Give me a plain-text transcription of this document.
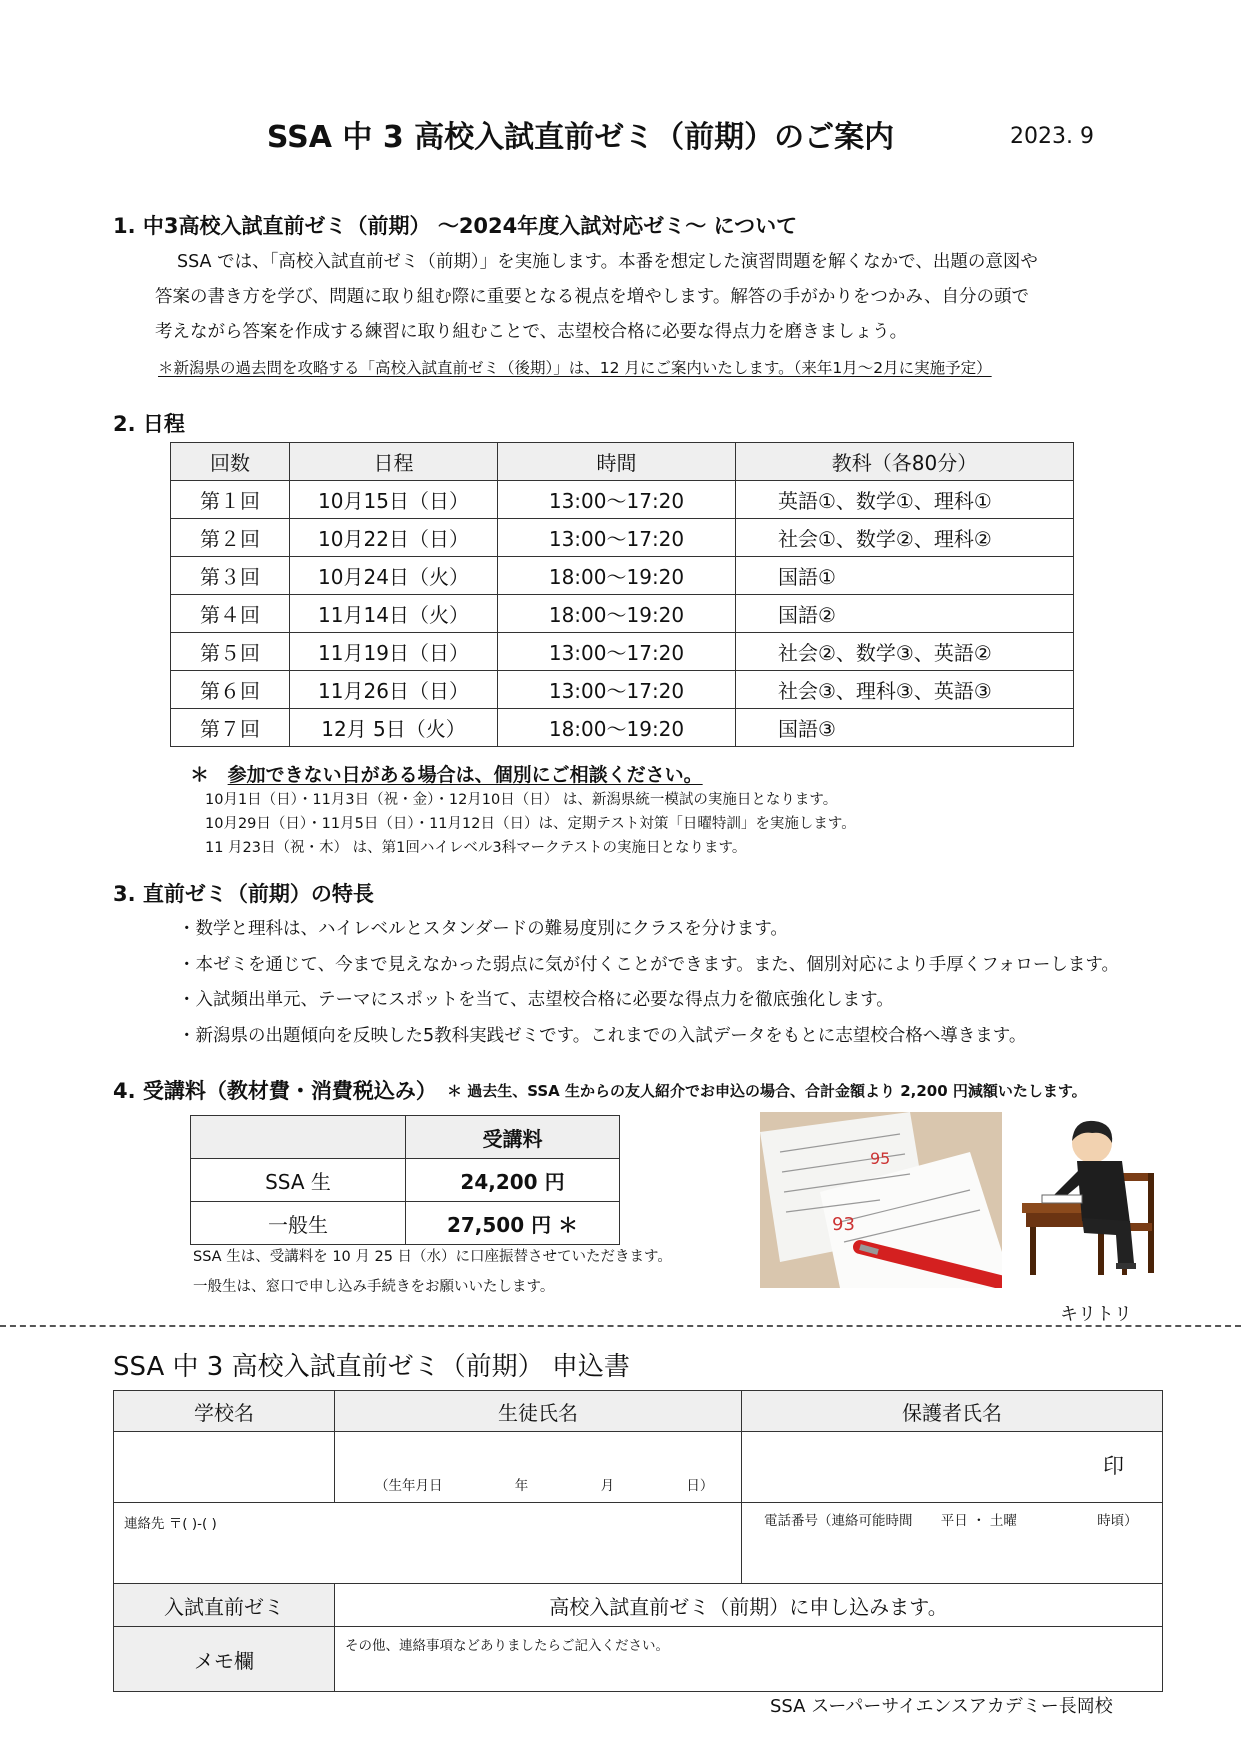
SSA 中 3 高校入試直前ゼミ（前期）のご案内	2023. 9
1. 中3高校入試直前ゼミ（前期） ～2024年度入試対応ゼミ～ について
SSA では、「高校入試直前ゼミ（前期）」を実施します。本番を想定した演習問題を解くなかで、出題の意図や
答案の書き方を学び、問題に取り組む際に重要となる視点を増やします。解答の手がかりをつかみ、自分の頭で
考えながら答案を作成する練習に取り組むことで、志望校合格に必要な得点力を磨きましょう。
＊新潟県の過去問を攻略する「高校入試直前ゼミ（後期）」は、12 月にご案内いたします。（来年1月～2月に実施予定）
2. 日程
回数	日程	時間	教科（各80分）
第１回	10月15日（日）	13:00～17:20	英語①、数学①、理科①
第２回	10月22日（日）	13:00～17:20	社会①、数学②、理科②
第３回	10月24日（火）	18:00～19:20	国語①
第４回	11月14日（火）	18:00～19:20	国語②
第５回	11月19日（日）	13:00～17:20	社会②、数学③、英語②
第６回	11月26日（日）	13:00～17:20	社会③、理科③、英語③
第７回	12月 5日（火）	18:00～19:20	国語③
＊ 参加できない日がある場合は、個別にご相談ください。
10月1日（日）・11月3日（祝・金）・12月10日（日） は、新潟県統一模試の実施日となります。
10月29日（日）・11月5日（日）・11月12日（日）は、定期テスト対策「日曜特訓」を実施します。
11 月23日（祝・木） は、第1回ハイレベル3科マークテストの実施日となります。
3. 直前ゼミ（前期）の特長
・数学と理科は、ハイレベルとスタンダードの難易度別にクラスを分けます。
・本ゼミを通じて、今まで見えなかった弱点に気が付くことができます。また、個別対応により手厚くフォローします。
・入試頻出単元、テーマにスポットを当て、志望校合格に必要な得点力を徹底強化します。
・新潟県の出題傾向を反映した5教科実践ゼミです。これまでの入試データをもとに志望校合格へ導きます。
4. 受講料（教材費・消費税込み） ＊ 過去生、SSA 生からの友人紹介でお申込の場合、合計金額より 2,200 円減額いたします。
	受講料
SSA 生	24,200 円
一般生	27,500 円 ＊
SSA 生は、受講料を 10 月 25 日（水）に口座振替させていただきます。
一般生は、窓口で申し込み手続きをお願いいたします。
95
93
キリトリ
SSA 中 3 高校入試直前ゼミ（前期） 申込書
学校名	生徒氏名	保護者氏名

	（生年月日 年 月 日）	印

連絡先 〒( )-( )		電話番号（連絡可能時間 平日 ・ 土曜 時頃）

入試直前ゼミ	高校入試直前ゼミ（前期）に申し込みます。	
メモ欄	その他、連絡事項などありましたらご記入ください。	
SSA スーパーサイエンスアカデミー長岡校
